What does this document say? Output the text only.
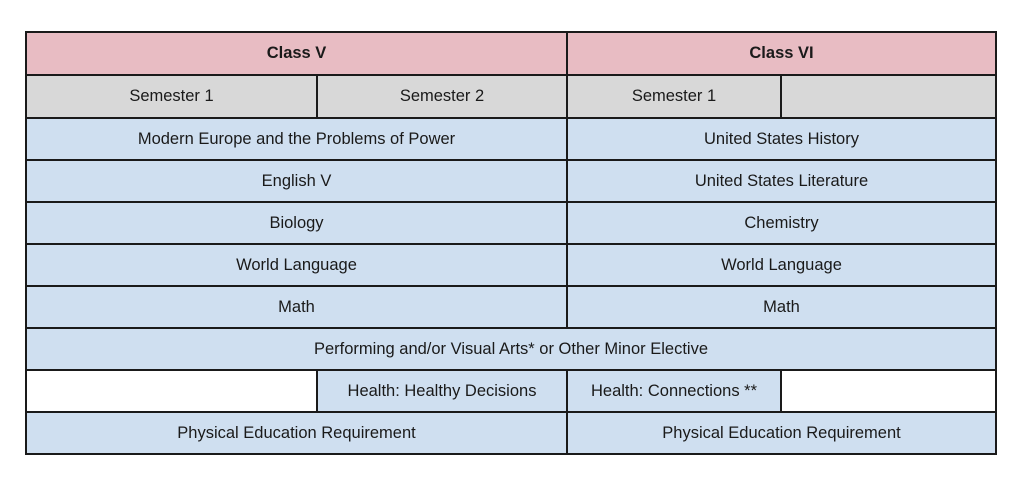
Class V		Class VI	
Semester 1	Semester 2	Semester 1	
Modern Europe and the Problems of Power		United States History	
English V		United States Literature	
Biology		Chemistry	
World Language		World Language	
Math		Math	
Performing and/or Visual Arts* or Other Minor Elective			
	Health: Healthy Decisions	Health: Connections **	
Physical Education Requirement		Physical Education Requirement	
